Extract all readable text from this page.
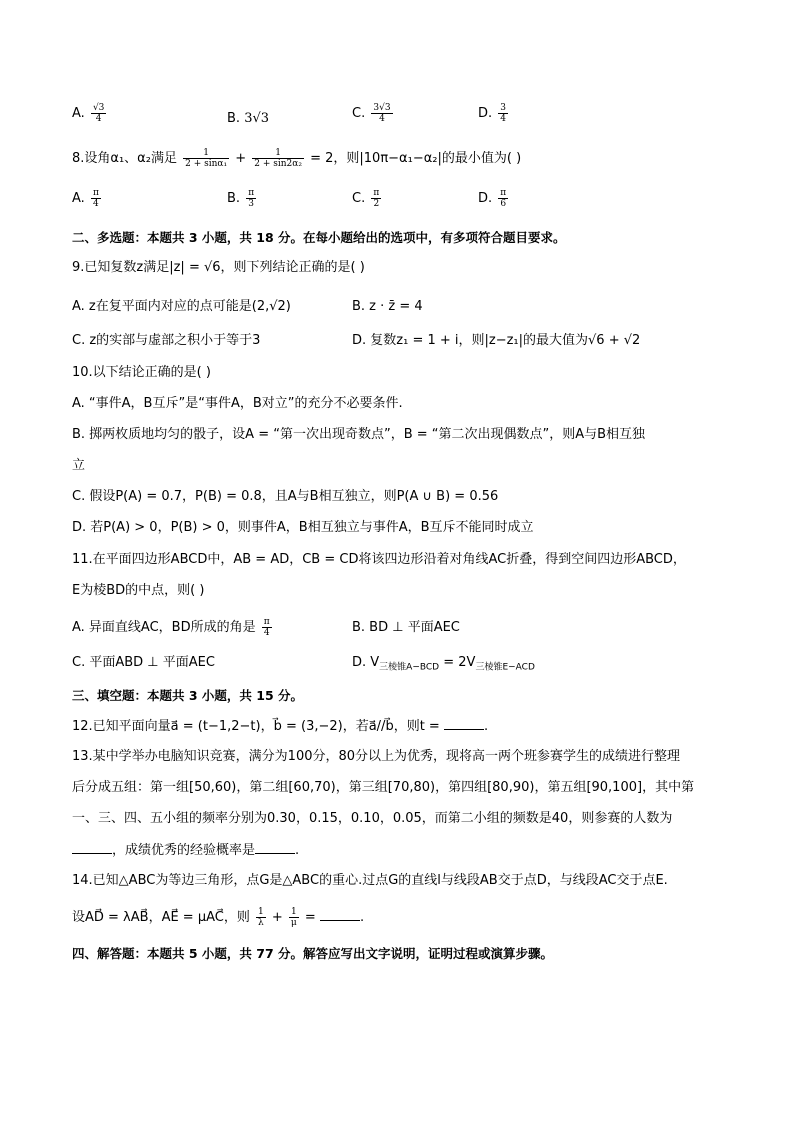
A. $\frac{√3}{4}$	B. 3√3	C. $\frac{3√3}{4}$	D. $\frac{3}{4}$
8.设角α₁、α₂满足 $\frac{1}{\text{2 + sinα₁}} + \frac{1}{\text{2 + sin2α₂}} = 2$，则|10π−α₁−α₂|的最小值为( )
A. $\frac{\pi}{4}$	B. $\frac{\pi}{3}$	C. $\frac{\pi}{2}$	D. $\frac{\pi}{6}$
二、多选题：本题共 3 小题，共 18 分。在每小题给出的选项中，有多项符合题目要求。
9.已知复数z满足|z| = √6，则下列结论正确的是( )
A. z在复平面内对应的点可能是(2,√2)	B. z · z̄ = 4
C. z的实部与虚部之积小于等于3	D. 复数z₁ = 1 + i，则|z−z₁|的最大值为√6 + √2
10.以下结论正确的是( )
A. “事件A，B互斥”是“事件A，B对立”的充分不必要条件.
B. 掷两枚质地均匀的骰子，设A = “第一次出现奇数点”，B = “第二次出现偶数点”，则A与B相互独
立
C. 假设P(A) = 0.7，P(B) = 0.8，且A与B相互独立，则P(A ∪ B) = 0.56
D. 若P(A) > 0，P(B) > 0，则事件A，B相互独立与事件A，B互斥不能同时成立
11.在平面四边形ABCD中，AB = AD，CB = CD将该四边形沿着对角线AC折叠，得到空间四边形ABCD，
E为棱BD的中点，则( )
A. 异面直线AC，BD所成的角是 $\frac{\pi}{4}$	B. BD ⊥ 平面AEC
C. 平面ABD ⊥ 平面AEC	D. $V_{三棱锥A-BCD} = 2V_{三棱锥E-ACD}$
三、填空题：本题共 3 小题，共 15 分。
12.已知平面向量a⃗ = (t−1,2−t)，b⃗ = (3,−2)，若a⃗//b⃗，则t =	.
13.某中学举办电脑知识竞赛，满分为100分，80分以上为优秀，现将高一两个班参赛学生的成绩进行整理
后分成五组：第一组[50,60)，第二组[60,70)，第三组[70,80)，第四组[80,90)，第五组[90,100]，其中第
一、三、四、五小组的频率分别为0.30，0.15，0.10，0.05，而第二小组的频数是40，则参赛的人数为
，成绩优秀的经验概率是	.
14.已知△ABC为等边三角形，点G是△ABC的重心.过点G的直线l与线段AB交于点D，与线段AC交于点E.
设AD⃗ = λAB⃗，AE⃗ = μAC⃗，则 $\frac{1}{\lambda} + \frac{1}{\mu}$ =	.
四、解答题：本题共 5 小题，共 77 分。解答应写出文字说明，证明过程或演算步骤。
